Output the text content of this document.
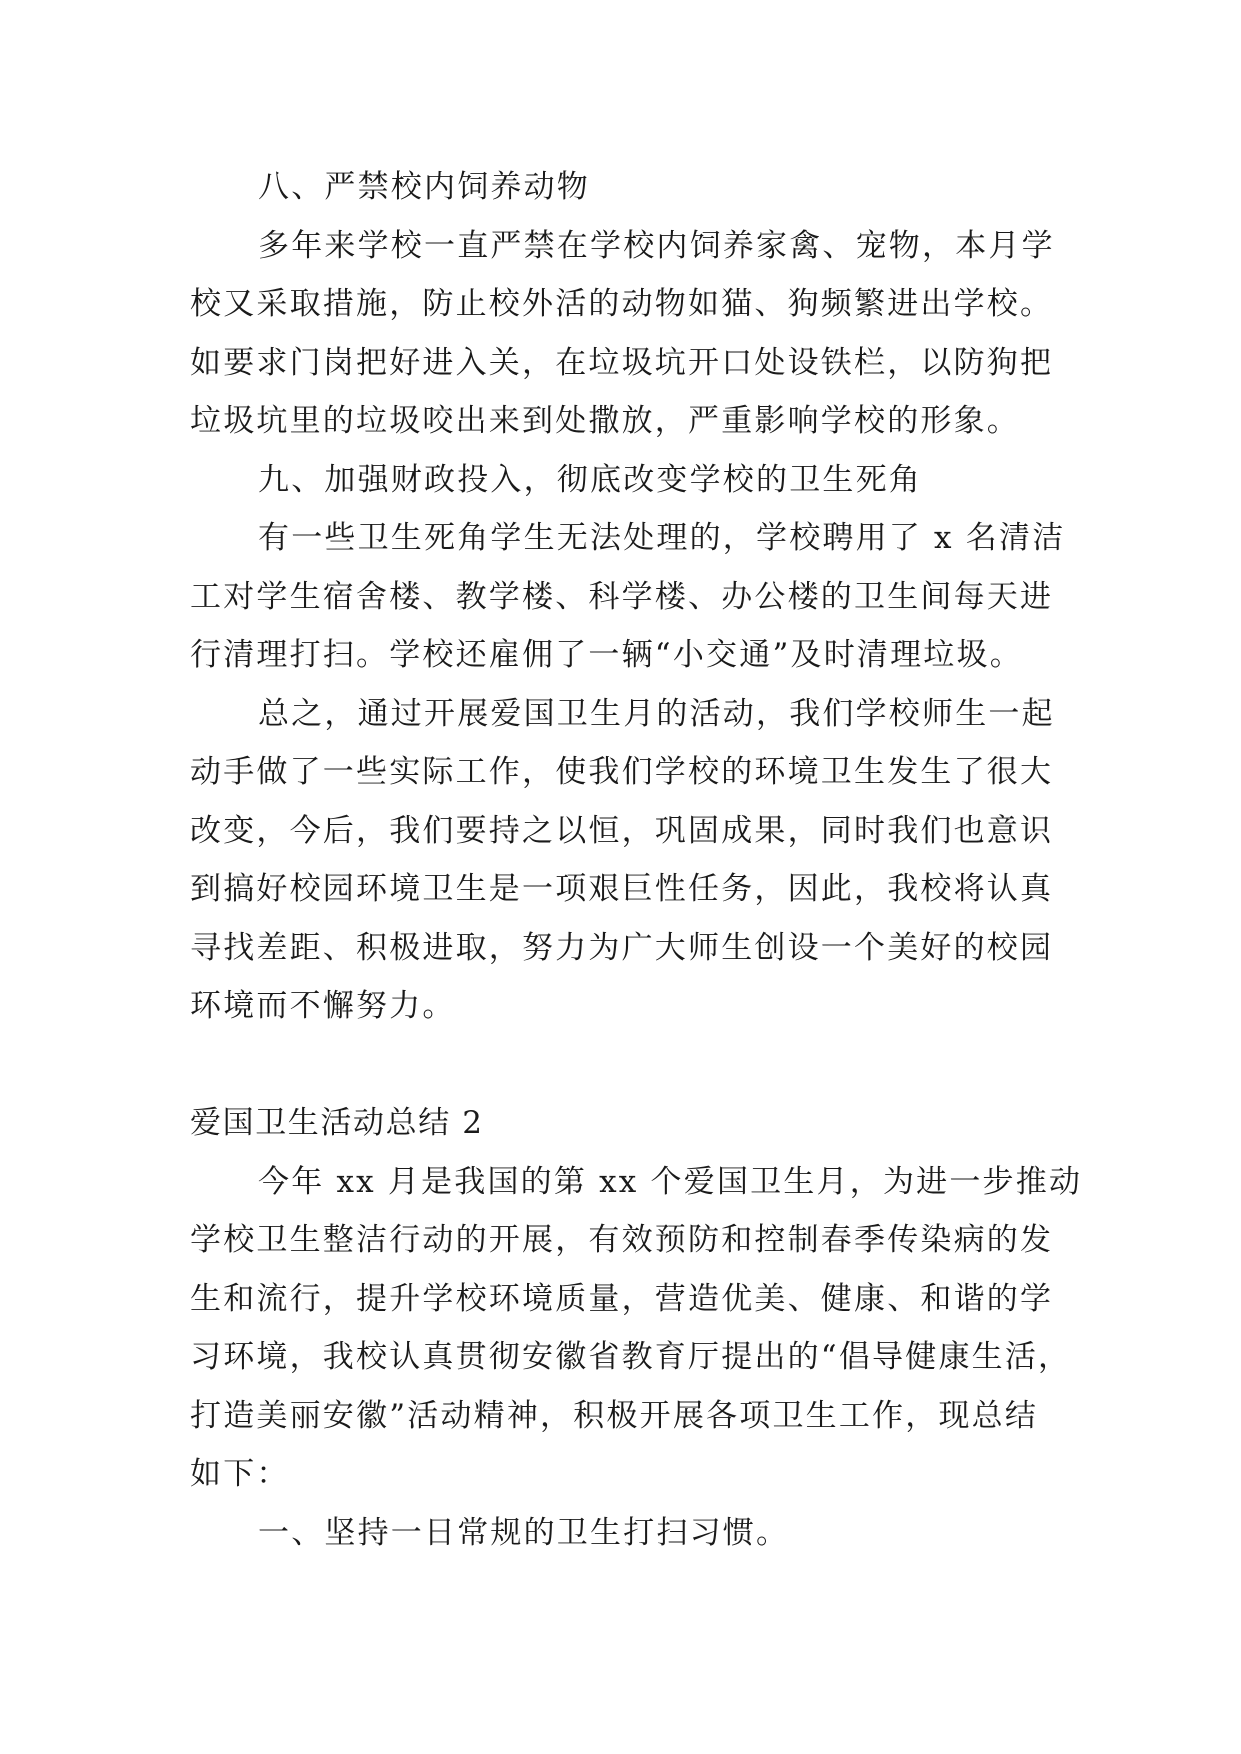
八、严禁校内饲养动物
多年来学校一直严禁在学校内饲养家禽、宠物，本月学
校又采取措施，防止校外活的动物如猫、狗频繁进出学校。
如要求门岗把好进入关，在垃圾坑开口处设铁栏，以防狗把
垃圾坑里的垃圾咬出来到处撒放，严重影响学校的形象。
九、加强财政投入，彻底改变学校的卫生死角
有一些卫生死角学生无法处理的，学校聘用了 x 名清洁
工对学生宿舍楼、教学楼、科学楼、办公楼的卫生间每天进
行清理打扫。学校还雇佣了一辆“小交通”及时清理垃圾。
总之，通过开展爱国卫生月的活动，我们学校师生一起
动手做了一些实际工作，使我们学校的环境卫生发生了很大
改变，今后，我们要持之以恒，巩固成果，同时我们也意识
到搞好校园环境卫生是一项艰巨性任务，因此，我校将认真
寻找差距、积极进取，努力为广大师生创设一个美好的校园
环境而不懈努力。
爱国卫生活动总结 2
今年 xx 月是我国的第 xx 个爱国卫生月，为进一步推动
学校卫生整洁行动的开展，有效预防和控制春季传染病的发
生和流行，提升学校环境质量，营造优美、健康、和谐的学
习环境，我校认真贯彻安徽省教育厅提出的“倡导健康生活，
打造美丽安徽”活动精神，积极开展各项卫生工作，现总结
如下：
一、坚持一日常规的卫生打扫习惯。
